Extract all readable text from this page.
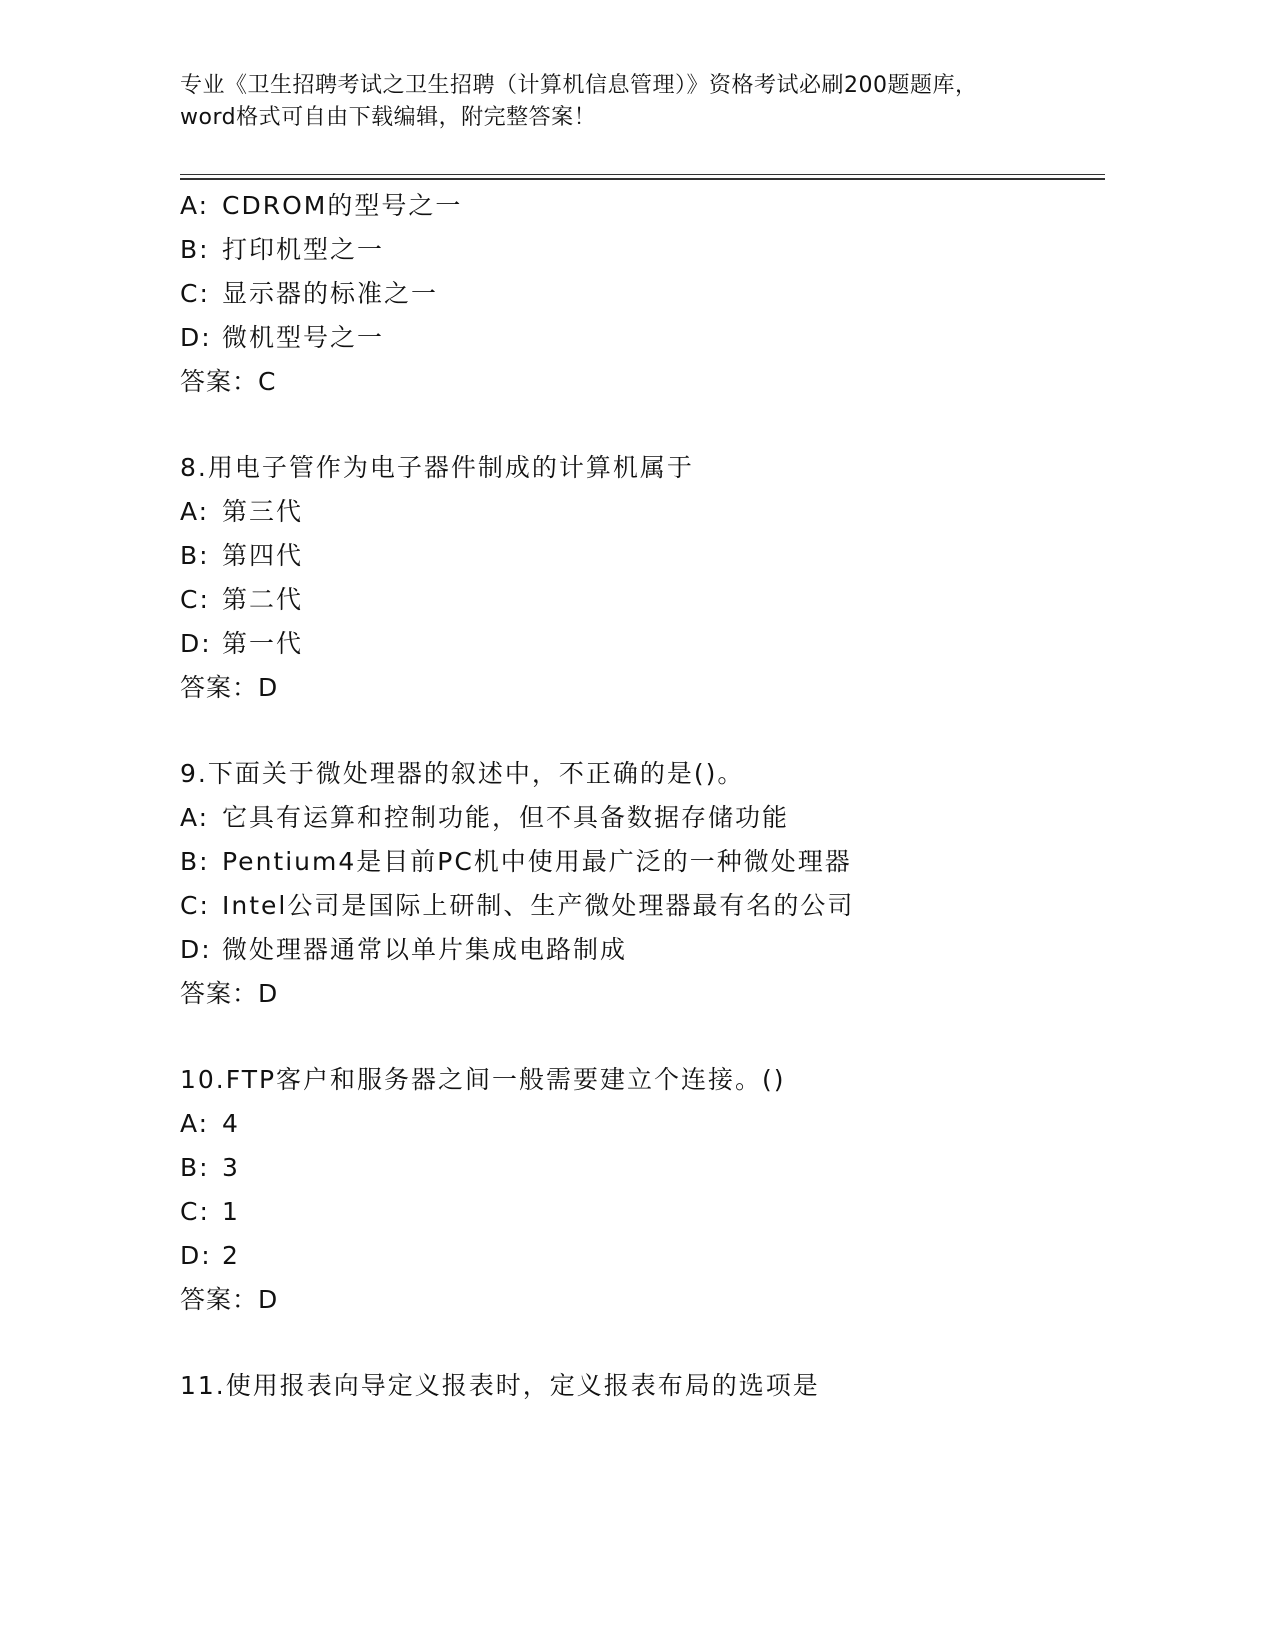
专业《卫生招聘考试之卫生招聘（计算机信息管理）》资格考试必刷200题题库，
word格式可自由下载编辑，附完整答案！
A: CDROM的型号之一
B: 打印机型之一
C: 显示器的标准之一
D: 微机型号之一
答案：C
8.用电子管作为电子器件制成的计算机属于
A: 第三代
B: 第四代
C: 第二代
D: 第一代
答案：D
9.下面关于微处理器的叙述中，不正确的是()。
A: 它具有运算和控制功能，但不具备数据存储功能
B: Pentium4是目前PC机中使用最广泛的一种微处理器
C: Intel公司是国际上研制、生产微处理器最有名的公司
D: 微处理器通常以单片集成电路制成
答案：D
10.FTP客户和服务器之间一般需要建立个连接。()
A: 4
B: 3
C: 1
D: 2
答案：D
11.使用报表向导定义报表时，定义报表布局的选项是
